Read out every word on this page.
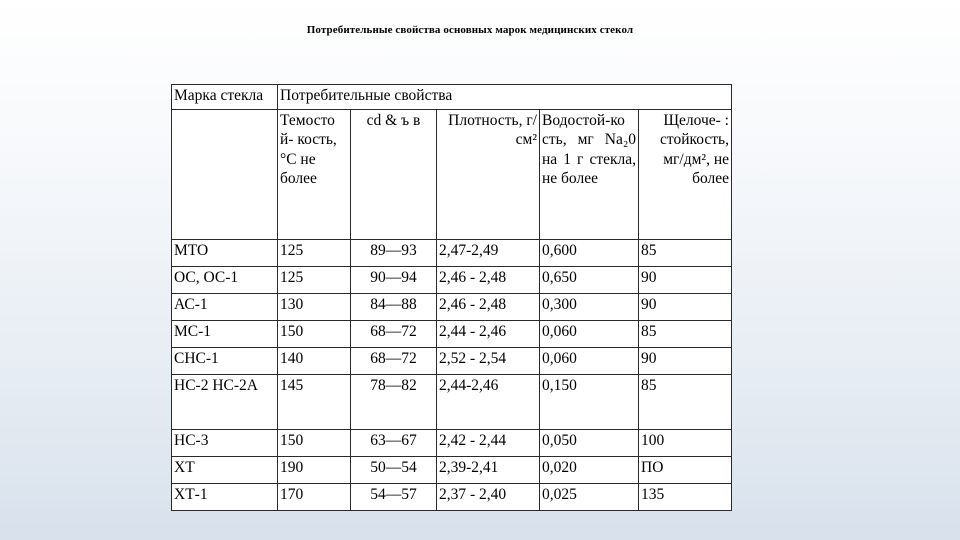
Потребительные свойства основных марок медицинских стекол
Марка стекла	Потребительные свойства				
	Темосто й- кость, °С не более	cd & ъ в	Плотность, г/см²	Водостой-ко сть, мг Na₂0 на 1 г стекла, не более	Щелоче- : стойкость, мг/дм², не более
МТО	125	89—93	2,47-2,49	0,600	85
ОС, ОС-1	125	90—94	2,46 - 2,48	0,650	90
АС-1	130	84—88	2,46 - 2,48	0,300	90
МС-1	150	68—72	2,44 - 2,46	0,060	85
СНС-1	140	68—72	2,52 - 2,54	0,060	90
НС-2 НС-2А	145	78—82	2,44-2,46	0,150	85
НС-3	150	63—67	2,42 - 2,44	0,050	100
ХТ	190	50—54	2,39-2,41	0,020	ПО
ХТ-1	170	54—57	2,37 - 2,40	0,025	135
